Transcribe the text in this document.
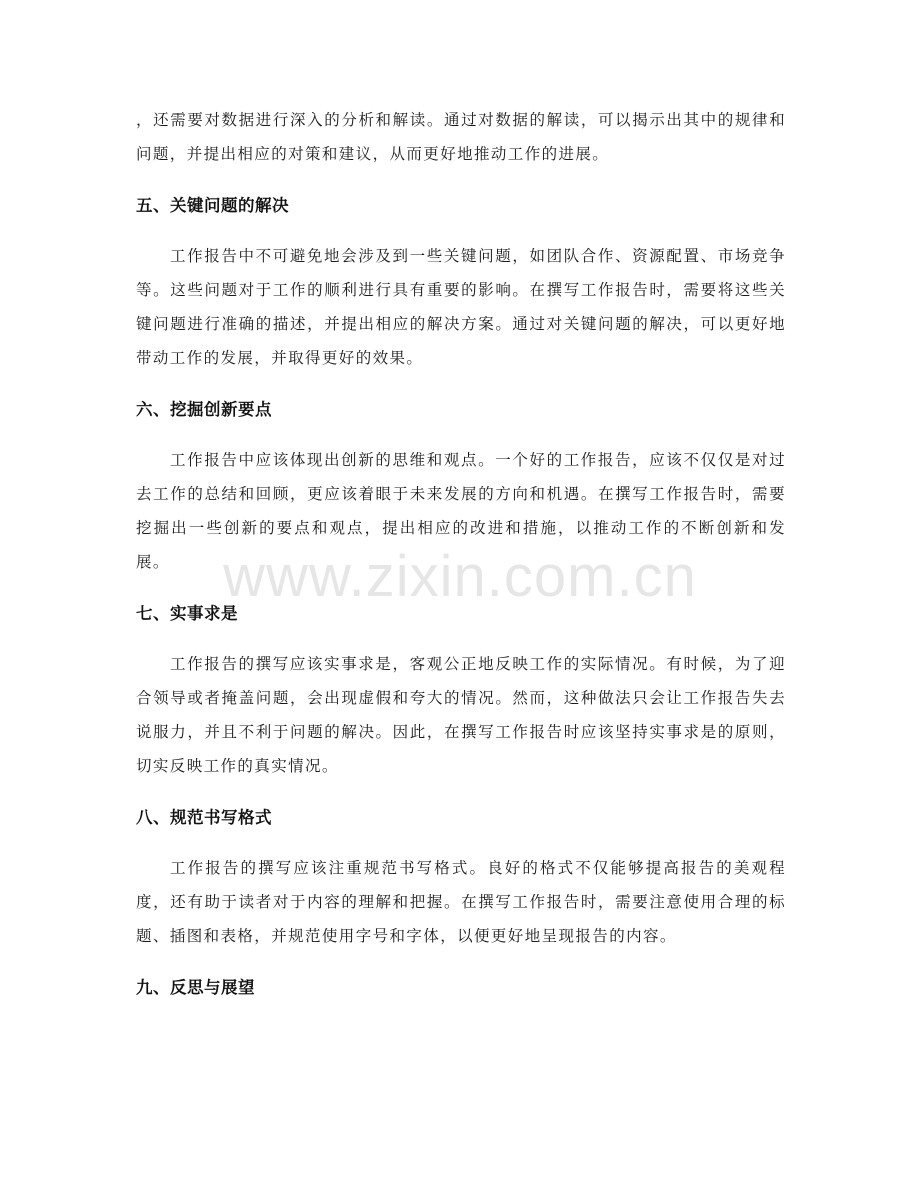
，还需要对数据进行深入的分析和解读。通过对数据的解读，可以揭示出其中的规律和问题，并提出相应的对策和建议，从而更好地推动工作的进展。

五、关键问题的解决

工作报告中不可避免地会涉及到一些关键问题，如团队合作、资源配置、市场竞争等。这些问题对于工作的顺利进行具有重要的影响。在撰写工作报告时，需要将这些关键问题进行准确的描述，并提出相应的解决方案。通过对关键问题的解决，可以更好地带动工作的发展，并取得更好的效果。

六、挖掘创新要点

工作报告中应该体现出创新的思维和观点。一个好的工作报告，应该不仅仅是对过去工作的总结和回顾，更应该着眼于未来发展的方向和机遇。在撰写工作报告时，需要挖掘出一些创新的要点和观点，提出相应的改进和措施，以推动工作的不断创新和发展。

七、实事求是

工作报告的撰写应该实事求是，客观公正地反映工作的实际情况。有时候，为了迎合领导或者掩盖问题，会出现虚假和夸大的情况。然而，这种做法只会让工作报告失去说服力，并且不利于问题的解决。因此，在撰写工作报告时应该坚持实事求是的原则，切实反映工作的真实情况。

八、规范书写格式

工作报告的撰写应该注重规范书写格式。良好的格式不仅能够提高报告的美观程度，还有助于读者对于内容的理解和把握。在撰写工作报告时，需要注意使用合理的标题、插图和表格，并规范使用字号和字体，以便更好地呈现报告的内容。

九、反思与展望
www.zixin.com.cn
